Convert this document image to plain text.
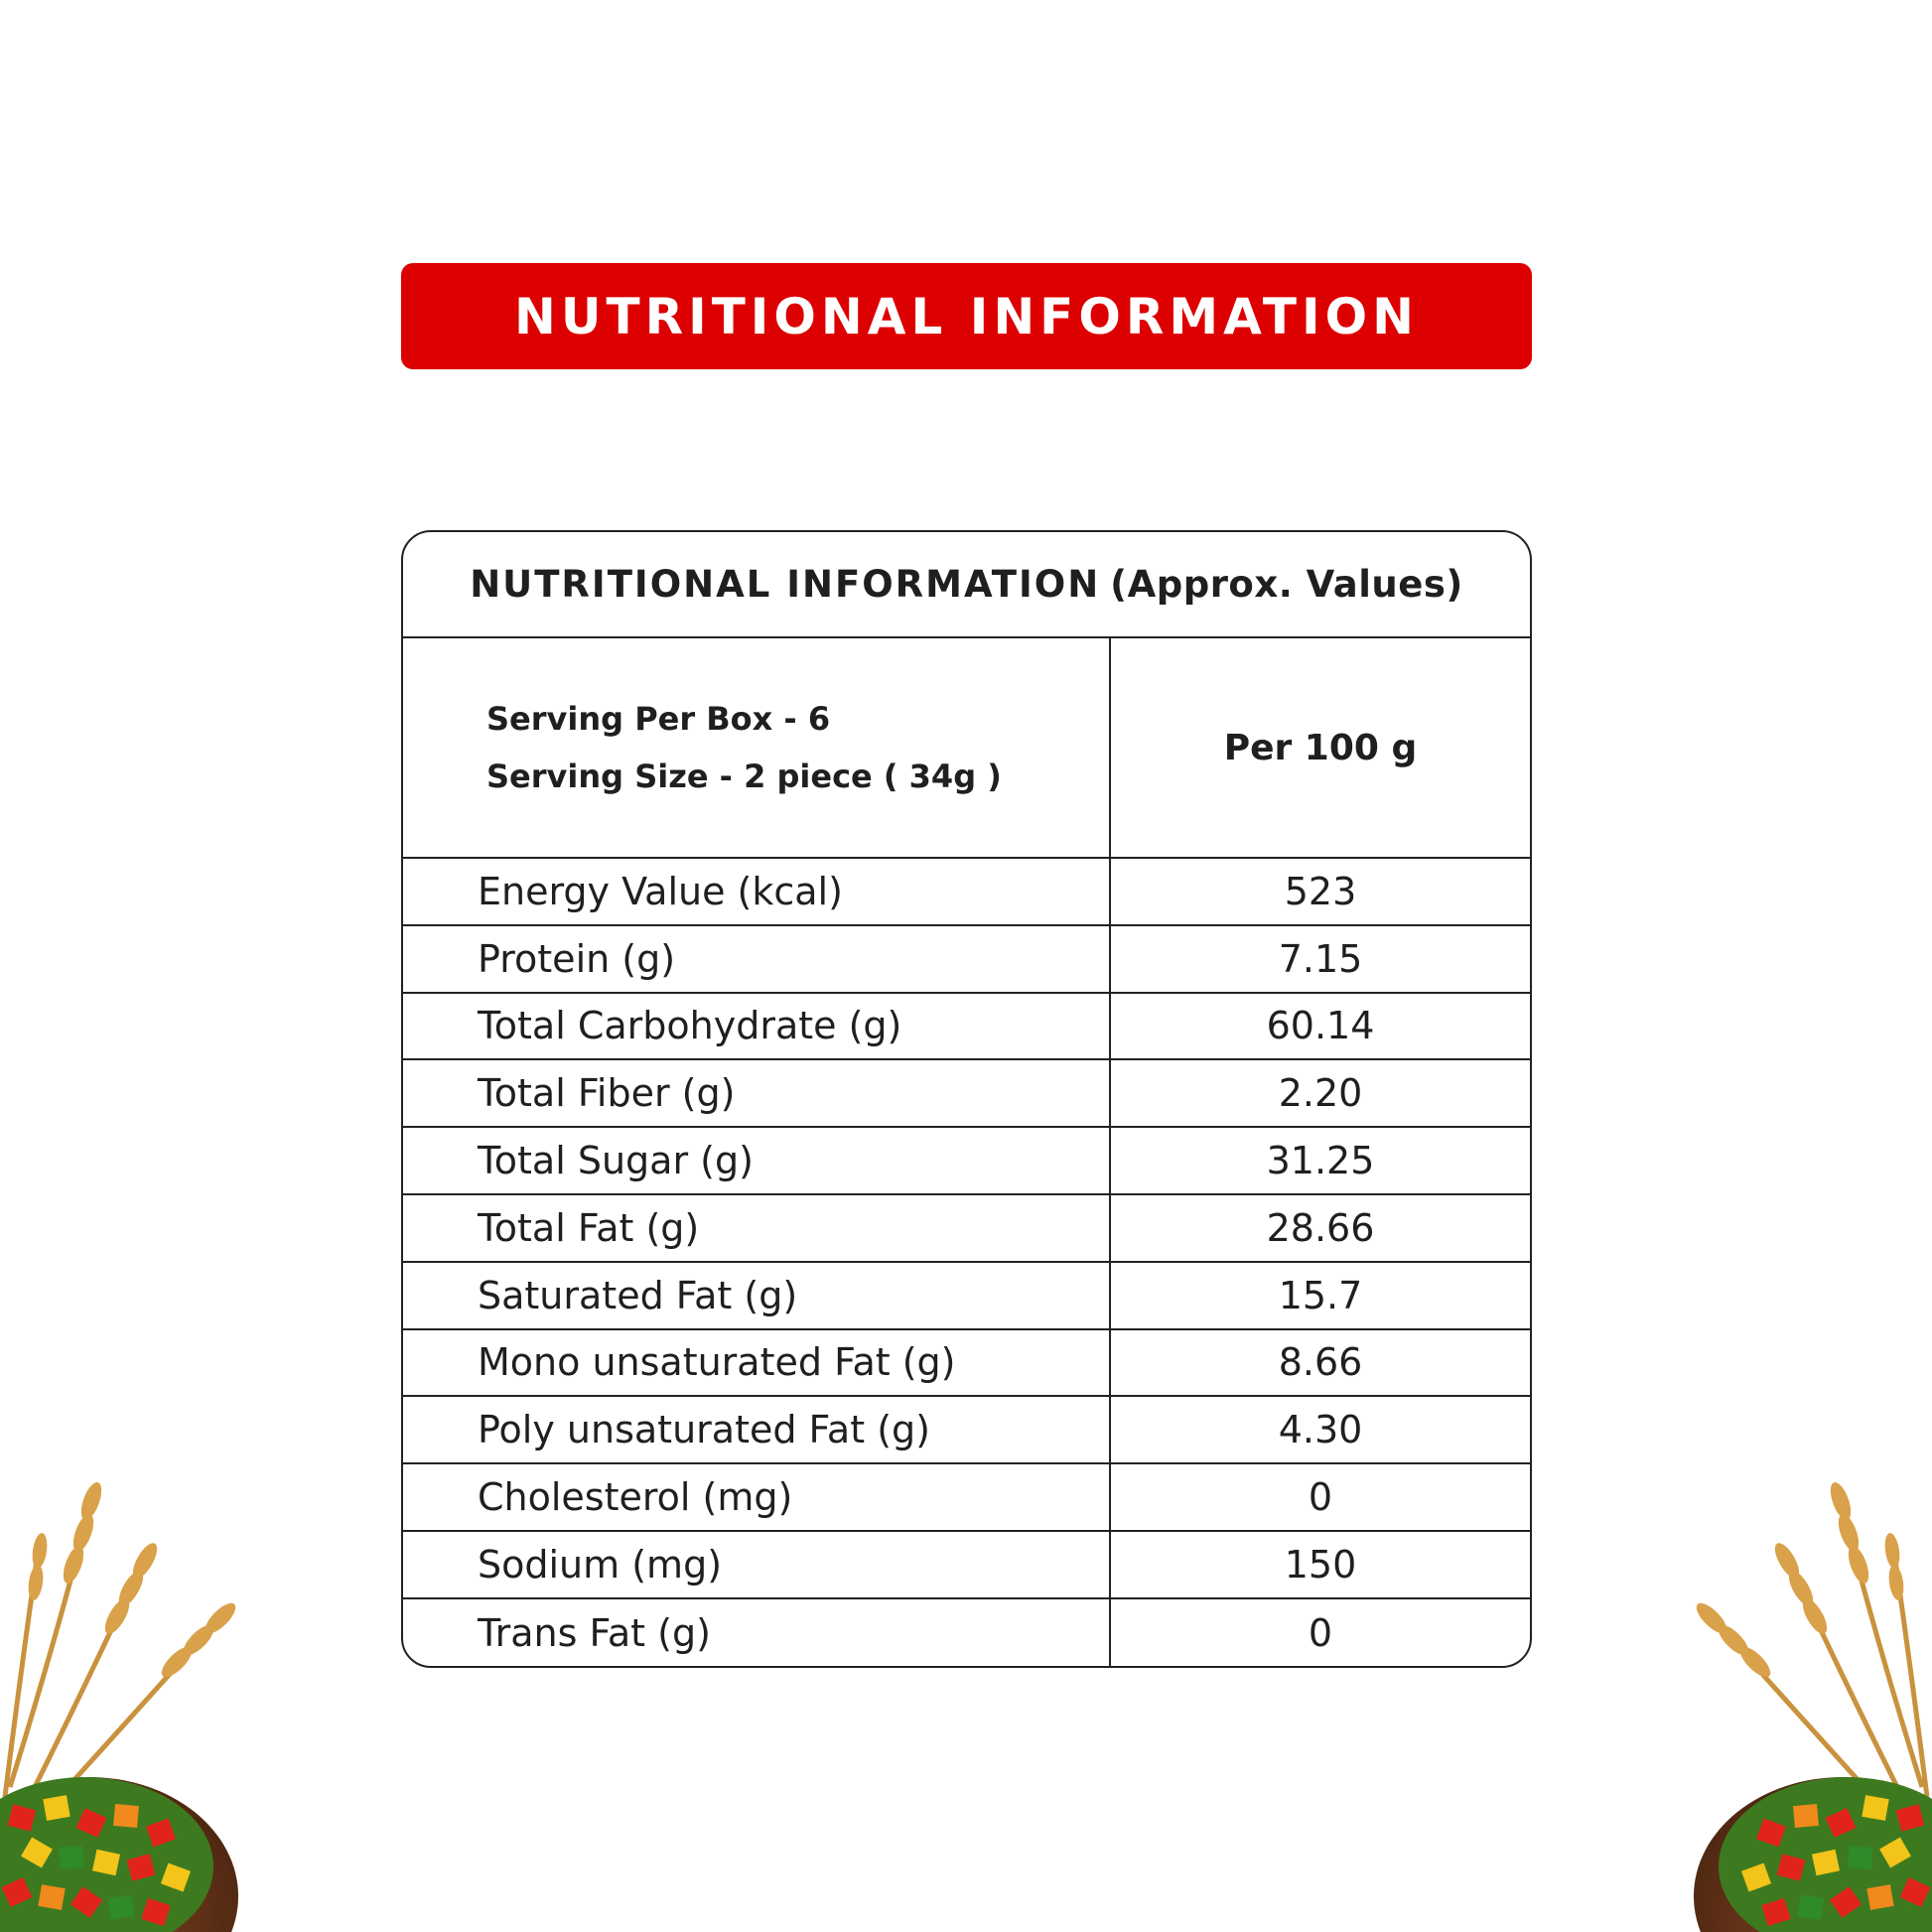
NUTRITIONAL INFORMATION
NUTRITIONAL INFORMATION (Approx. Values)
Serving Per Box - 6
Serving Size - 2 piece ( 34g )
Per 100 g
Energy Value (kcal)	523
Protein (g)	7.15
Total Carbohydrate (g)	60.14
Total Fiber (g)	2.20
Total Sugar (g)	31.25
Total Fat (g)	28.66
Saturated Fat (g)	15.7
Mono unsaturated Fat (g)	8.66
Poly unsaturated Fat (g)	4.30
Cholesterol (mg)	0
Sodium (mg)	150
Trans Fat (g)	0
